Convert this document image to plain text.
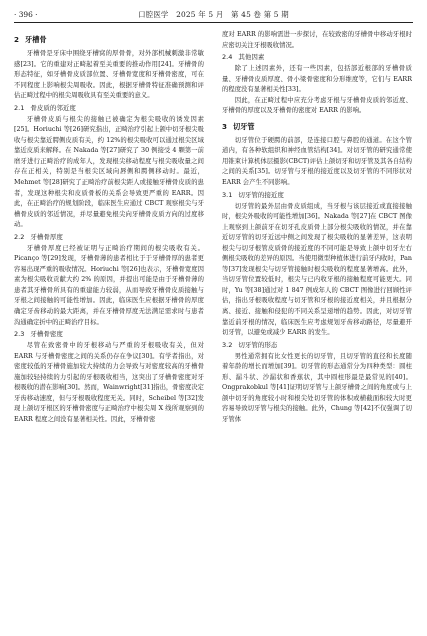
· 396 ·	口腔医学　2025 年 5 月　第 45 卷 第 5 期
2 牙槽骨

牙槽骨是牙床中围绕牙槽窝的厚骨骨，对外部机械刺激非常敏感[23]。它的重建对正畸起着至关重要的推动作用[24]。牙槽骨的形态特征，如牙槽骨皮质部位置、牙槽骨宽度和牙槽骨密度，可在不同程度上影响根尖周吸收。因此，根据牙槽骨特征准确预测和评估正畸过程中的根尖周吸收具有至关重要的意义。

2.1 骨皮质的邻近度

牙槽骨皮质与根尖的接触已被确定为根尖吸收的诱发因素[25]。Horiuchi 等[26]研究指出，正畸治疗引起上颌中切牙根尖吸收与根尖靠近腭侧皮质有关，约 12%的根尖吸收可以通过根尖区域靠近皮质来解释。在 Nakada 等[27]研究了 30 例接受 4 颗第一前磨牙进行正畸治疗的成年人，发现根尖移动程度与根尖吸收量之间存在正相关，特别是当根尖区域向唇侧和腭侧移动时。最近，Mehmet 等[28]研究了正畸治疗前根尖距人或接触牙槽骨皮质的患者，发现这种根尖和皮质骨板的关系会导致更严重的 EARR。因此，在正畸治疗的规划阶段，临床医生应通过 CBCT 观察根尖与牙槽骨皮质的邻近情况，并尽量避免根尖向牙槽骨皮质方向的过度移动。

2.2 牙槽骨厚度

牙槽骨厚度已经被证明与正畸治疗期间的根尖吸收有关。Picanço 等[29]发现，牙槽骨薄的患者相比于于牙槽骨厚的患者更容易出现严重的吸收情况。Horiuchi 等[26]也表示，牙槽骨宽度因素为根尖吸收贡献大约 2% 的原因，并提出可能是由于牙槽骨薄的患者其牙槽骨所具有的重建能力较弱，从而导致牙槽骨皮质接触与牙根之间接触的可能性增加。因此，临床医生应根据牙槽骨的厚度确定牙齿移动的最大距离，并在牙槽骨厚度无法满足需求时与患者沟通确定折中的正畸治疗目标。

2.3 牙槽骨密度

尽管在致密骨中的牙根移动与严重的牙根吸收有关，但对 EARR 与牙槽骨密度之间的关系仍存在争议[30]。有学者指出，对密度较低的牙槽骨施加较大持续的力会导致与对密度较高的牙槽骨施加较轻持续的力引起的牙根吸收相当，这突出了牙槽骨密度对牙根吸收的潜在影响[30]。然而，Wainwright[31]指出，骨密度决定牙齿移动速度，但与牙根吸收程度无关。同时，Scheibel 等[32]发现上颌切牙根区的牙槽骨密度与正畸治疗中根尖周 X 线所观察到的 EARR 程度之间没有显著相关性。因此，牙槽骨密

度对 EARR 的影响需进一步探讨，在较致密的牙槽骨中移动牙根时应密切关注牙根吸收情况。

2.4 其他因素

除了上述因素外，还有一些因素，包括部近根部的牙槽骨质量、牙槽骨皮质厚度、骨小梁骨密度和分形维度等，它们与 EARR 的程度没有显著相关性[33]。

因此，在正畸过程中应充分考虑牙根与牙槽骨皮质的邻近度、牙槽骨的厚度以及牙槽骨的密度对 EARR 的影响。

3 切牙管

切牙管位于硬腭的前部，是连接口腔与鼻腔的通道。在这个管道内，有各种软组织和神经血管结构[34]。对切牙管的研究通常使用锥束计算机体层摄影(CBCT)评估上颌切牙和切牙管及其各自结构之间的关系[35]。切牙管与牙根的接近度以及切牙管的不同形状对 EARR 会产生不同影响。

3.1 切牙管的接近度

切牙管的最外层由骨皮质组成，当牙根与该层接近或直接接触时，根尖外吸收的可能性增加[36]。Nakada 等[27]在 CBCT 图像上观察到上颌前牙在切牙孔皮质骨上部分根尖吸收的情况，并在靠近切牙管的切牙近远中侧之间发现了根尖吸收的显著差异，这表明根尖与切牙根管皮质骨的接近度的不同可能是导致上颌中切牙左右侧根尖吸收的差异的原因。当使用微型种植体进行前牙内收时，Pan 等[37]发现根尖与切牙管接触时根尖吸收的程度显著增高。此外，当切牙管位置较低时，根尖与已内收牙根的接触程度可能更大。同时，Yu 等[38]通过对 1 847 例成年人的 CBCT 图像进行回顾性评估，指出牙根吸收程度与切牙管和牙根的接近度相关，并且根据分离、接近、接触和侵犯的不同关系呈递增的趋势。因此，对切牙管靠近前牙根的情况，临床医生应考虑规划牙齿移动路径，尽量避开切牙管，以避免或减少 EARR 的发生。

3.2 切牙管的形态

男性通常拥有比女性更长的切牙管，且切牙管的直径和长度随着年龄的增长而增加[39]。切牙管的形态通常分为四种类型：圆柱形、漏斗状、沙漏状和香蕉状，其中圆柱形最是最常见的[40]。Ongprakobkul 等[41]证明切牙管与上颌牙槽骨之间的角度或与上颌中切牙的角度较小时和根尖处切牙管的体积或横截面积较大时更容易导致切牙管与根尖的接触。此外，Chung 等[42]不仅强调了切牙管体
